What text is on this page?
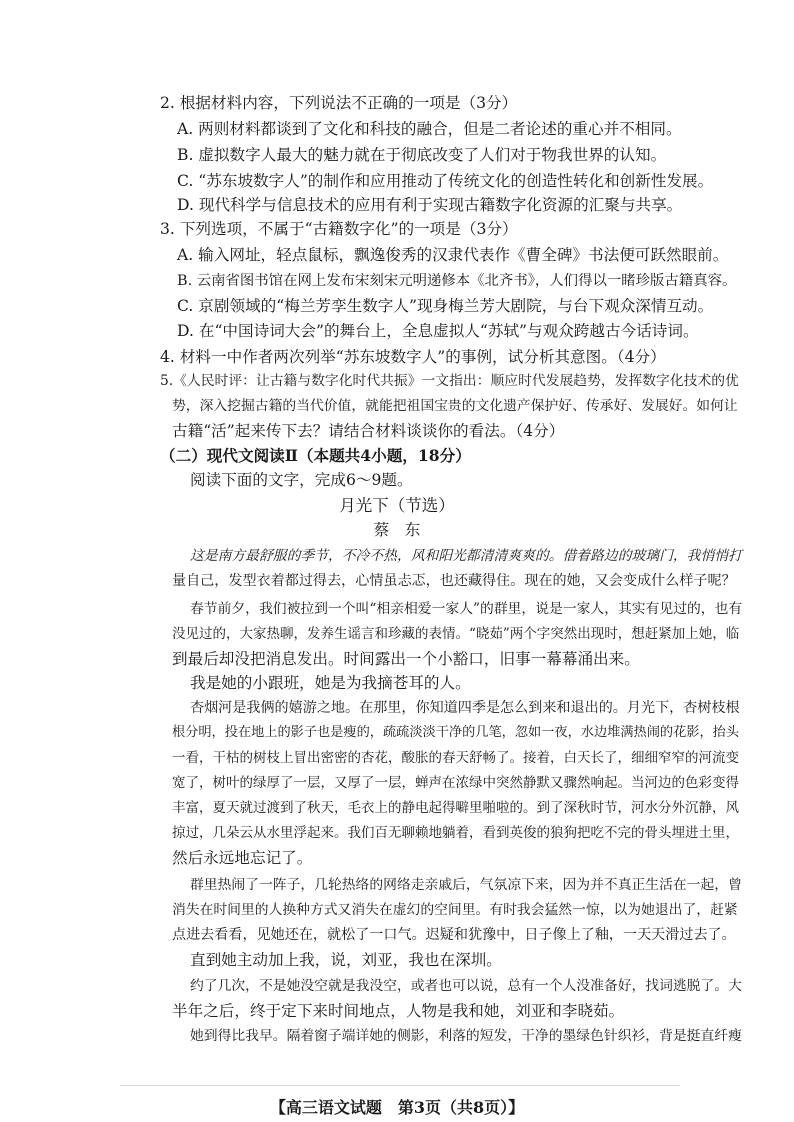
2. 根据材料内容，下列说法不正确的一项是（3分）
A. 两则材料都谈到了文化和科技的融合，但是二者论述的重心并不相同。
B. 虚拟数字人最大的魅力就在于彻底改变了人们对于物我世界的认知。
C. “苏东坡数字人”的制作和应用推动了传统文化的创造性转化和创新性发展。
D. 现代科学与信息技术的应用有利于实现古籍数字化资源的汇聚与共享。
3. 下列选项，不属于“古籍数字化”的一项是（3分）
A. 输入网址，轻点鼠标，飘逸俊秀的汉隶代表作《曹全碑》书法便可跃然眼前。
B. 云南省图书馆在网上发布宋刻宋元明递修本《北齐书》，人们得以一睹珍版古籍真容。
C. 京剧领域的“梅兰芳孪生数字人”现身梅兰芳大剧院，与台下观众深情互动。
D. 在“中国诗词大会”的舞台上，全息虚拟人“苏轼”与观众跨越古今话诗词。
4. 材料一中作者两次列举“苏东坡数字人”的事例，试分析其意图。（4分）
5.《人民时评：让古籍与数字化时代共振》一文指出：顺应时代发展趋势，发挥数字化技术的优
势，深入挖掘古籍的当代价值，就能把祖国宝贵的文化遗产保护好、传承好、发展好。如何让
古籍“活”起来传下去？请结合材料谈谈你的看法。（4分）
（二）现代文阅读Ⅱ（本题共4小题，18分）
阅读下面的文字，完成6～9题。
月光下（节选）
蔡　东
这是南方最舒服的季节，不冷不热，风和阳光都清清爽爽的。借着路边的玻璃门，我悄悄打
量自己，发型衣着都过得去，心情虽忐忑，也还藏得住。现在的她，又会变成什么样子呢？
春节前夕，我们被拉到一个叫“相亲相爱一家人”的群里，说是一家人，其实有见过的，也有
没见过的，大家热聊，发养生谣言和珍藏的表情。“晓茹”两个字突然出现时，想赶紧加上她，临
到最后却没把消息发出。时间露出一个小豁口，旧事一幕幕涌出来。
我是她的小跟班，她是为我摘苍耳的人。
杏烟河是我俩的嬉游之地。在那里，你知道四季是怎么到来和退出的。月光下，杏树枝根
根分明，投在地上的影子也是瘦的，疏疏淡淡干净的几笔，忽如一夜，水边堆满热闹的花影，抬头
一看，干枯的树枝上冒出密密的杏花，酸胀的春天舒畅了。接着，白天长了，细细窄窄的河流变
宽了，树叶的绿厚了一层，又厚了一层，蝉声在浓绿中突然静默又骤然响起。当河边的色彩变得
丰富，夏天就过渡到了秋天，毛衣上的静电起得噼里啪啦的。到了深秋时节，河水分外沉静，风
掠过，几朵云从水里浮起来。我们百无聊赖地躺着，看到英俊的狼狗把吃不完的骨头埋进土里，
然后永远地忘记了。
群里热闹了一阵子，几轮热络的网络走亲戚后，气氛凉下来，因为并不真正生活在一起，曾
消失在时间里的人换种方式又消失在虚幻的空间里。有时我会猛然一惊，以为她退出了，赶紧
点进去看看，见她还在，就松了一口气。迟疑和犹豫中，日子像上了釉，一天天滑过去了。
直到她主动加上我，说，刘亚，我也在深圳。
约了几次，不是她没空就是我没空，或者也可以说，总有一个人没准备好，找词逃脱了。大
半年之后，终于定下来时间地点，人物是我和她，刘亚和李晓茹。
她到得比我早。隔着窗子端详她的侧影，利落的短发，干净的墨绿色针织衫，背是挺直纤瘦
【高三语文试题　第3页（共8页）】
